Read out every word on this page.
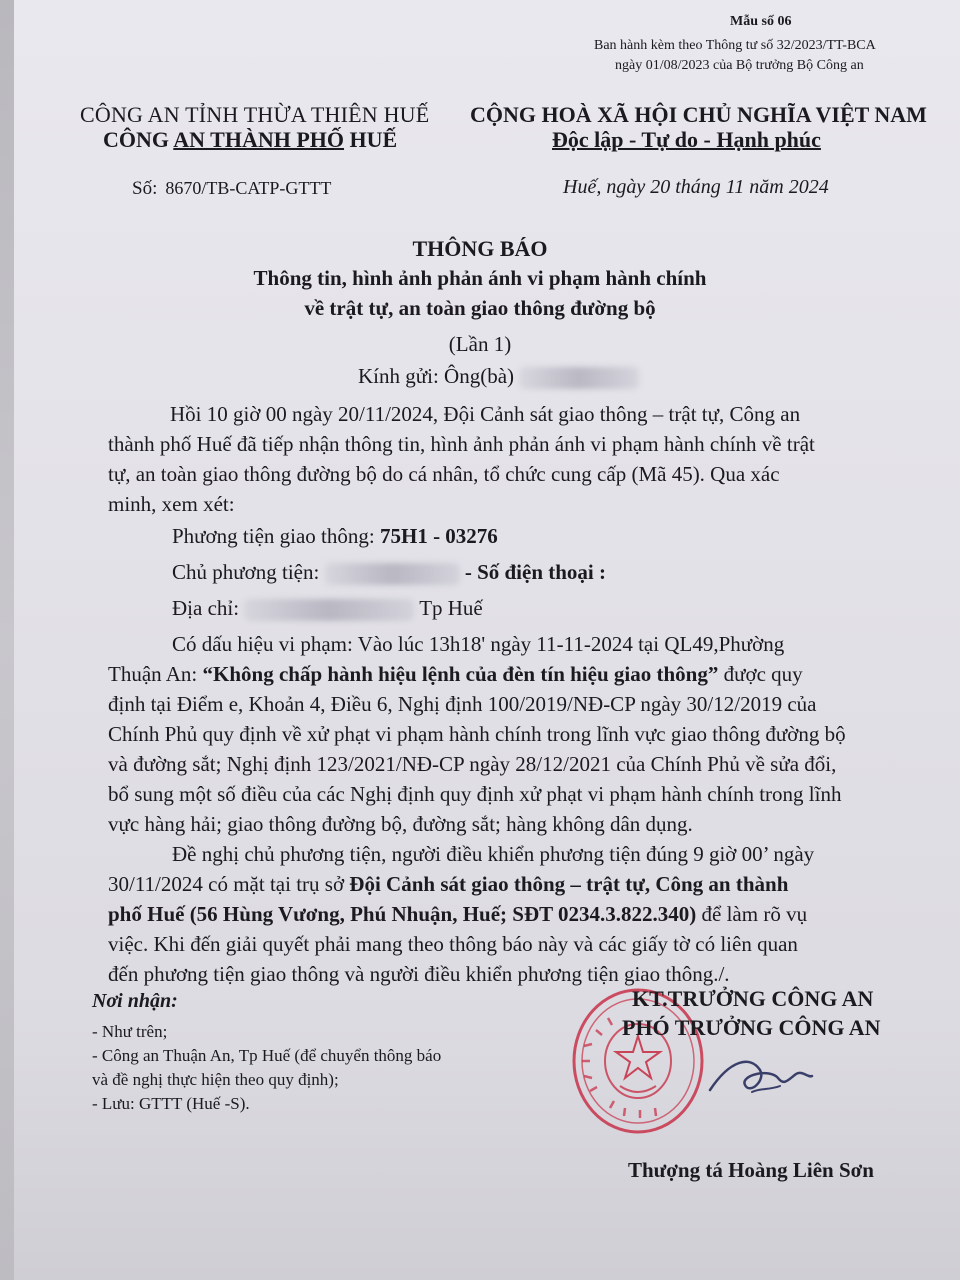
Mẫu số 06
Ban hành kèm theo Thông tư số 32/2023/TT-BCA
ngày 01/08/2023 của Bộ trưởng Bộ Công an
CÔNG AN TỈNH THỪA THIÊN HUẾ
CÔNG AN THÀNH PHỐ HUẾ
CỘNG HOÀ XÃ HỘI CHỦ NGHĨA VIỆT NAM
Độc lập - Tự do - Hạnh phúc
Số: 8670/TB-CATP-GTTT	Huế, ngày 20 tháng 11 năm 2024
THÔNG BÁO
Thông tin, hình ảnh phản ánh vi phạm hành chính
về trật tự, an toàn giao thông đường bộ
(Lần 1)
Kính gửi: Ông(bà)
Hồi 10 giờ 00 ngày 20/11/2024, Đội Cảnh sát giao thông – trật tự, Công an
thành phố Huế đã tiếp nhận thông tin, hình ảnh phản ánh vi phạm hành chính về trật
tự, an toàn giao thông đường bộ do cá nhân, tổ chức cung cấp (Mã 45). Qua xác
minh, xem xét:
Phương tiện giao thông: 75H1 - 03276
Chủ phương tiện:	- Số điện thoại :
Địa chỉ:	Tp Huế
Có dấu hiệu vi phạm: Vào lúc 13h18' ngày 11-11-2024 tại QL49,Phường
Thuận An: “Không chấp hành hiệu lệnh của đèn tín hiệu giao thông” được quy
định tại Điểm e, Khoản 4, Điều 6, Nghị định 100/2019/NĐ-CP ngày 30/12/2019 của
Chính Phủ quy định về xử phạt vi phạm hành chính trong lĩnh vực giao thông đường bộ
và đường sắt; Nghị định 123/2021/NĐ-CP ngày 28/12/2021 của Chính Phủ về sửa đổi,
bổ sung một số điều của các Nghị định quy định xử phạt vi phạm hành chính trong lĩnh
vực hàng hải; giao thông đường bộ, đường sắt; hàng không dân dụng.
Đề nghị chủ phương tiện, người điều khiển phương tiện đúng 9 giờ 00’ ngày
30/11/2024 có mặt tại trụ sở Đội Cảnh sát giao thông – trật tự, Công an thành
phố Huế (56 Hùng Vương, Phú Nhuận, Huế; SĐT 0234.3.822.340) để làm rõ vụ
việc. Khi đến giải quyết phải mang theo thông báo này và các giấy tờ có liên quan
đến phương tiện giao thông và người điều khiển phương tiện giao thông./.
Nơi nhận:
- Như trên;
- Công an Thuận An, Tp Huế (để chuyển thông báo
và đề nghị thực hiện theo quy định);
- Lưu: GTTT (Huế -S).
KT.TRƯỞNG CÔNG AN
PHÓ TRƯỞNG CÔNG AN
Thượng tá Hoàng Liên Sơn
